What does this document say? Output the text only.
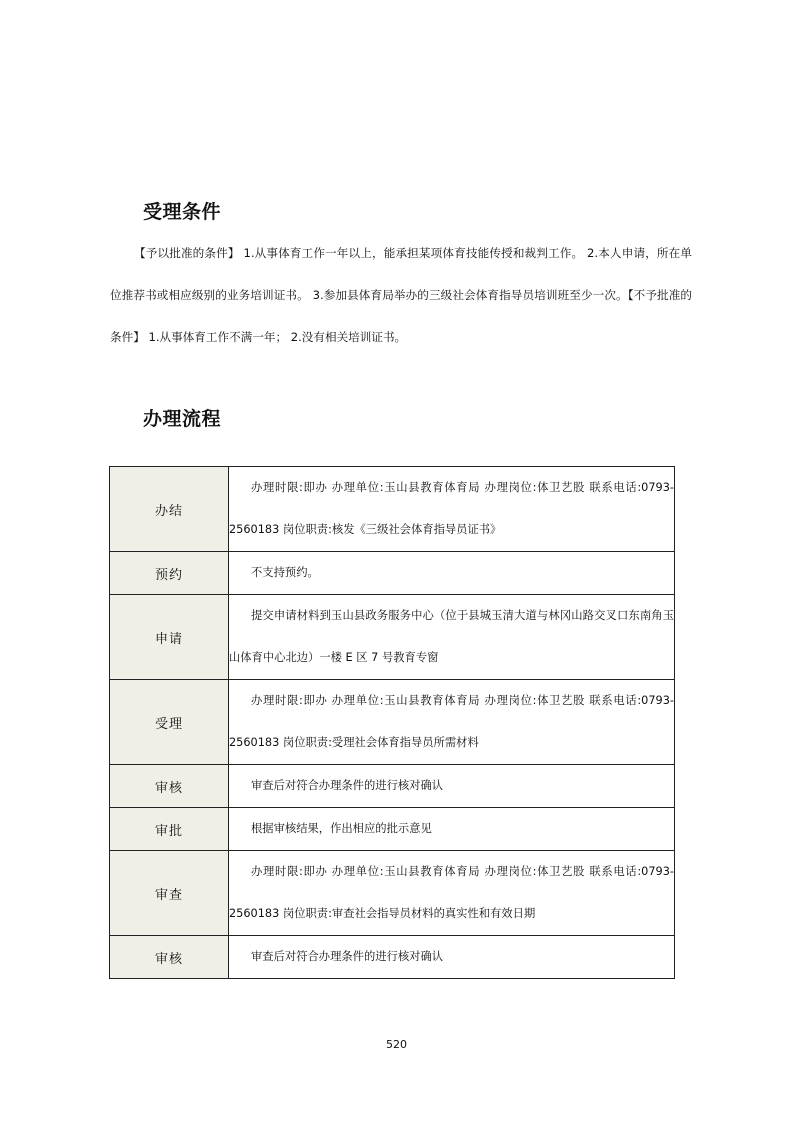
受理条件

【予以批准的条件】 1.从事体育工作一年以上，能承担某项体育技能传授和裁判工作。 2.本人申请，所在单位推荐书或相应级别的业务培训证书。 3.参加县体育局举办的三级社会体育指导员培训班至少一次。【不予批准的条件】 1.从事体育工作不满一年； 2.没有相关培训证书。

办理流程
办结	办理时限:即办 办理单位:玉山县教育体育局 办理岗位:体卫艺股 联系电话:0793-2560183 岗位职责:核发《三级社会体育指导员证书》
预约	不支持预约。
申请	提交申请材料到玉山县政务服务中心（位于县城玉清大道与林冈山路交叉口东南角玉山体育中心北边）一楼 E 区 7 号教育专窗
受理	办理时限:即办 办理单位:玉山县教育体育局 办理岗位:体卫艺股 联系电话:0793-2560183 岗位职责:受理社会体育指导员所需材料
审核	审查后对符合办理条件的进行核对确认
审批	根据审核结果，作出相应的批示意见
审查	办理时限:即办 办理单位:玉山县教育体育局 办理岗位:体卫艺股 联系电话:0793-2560183 岗位职责:审查社会指导员材料的真实性和有效日期
审核	审查后对符合办理条件的进行核对确认
520
